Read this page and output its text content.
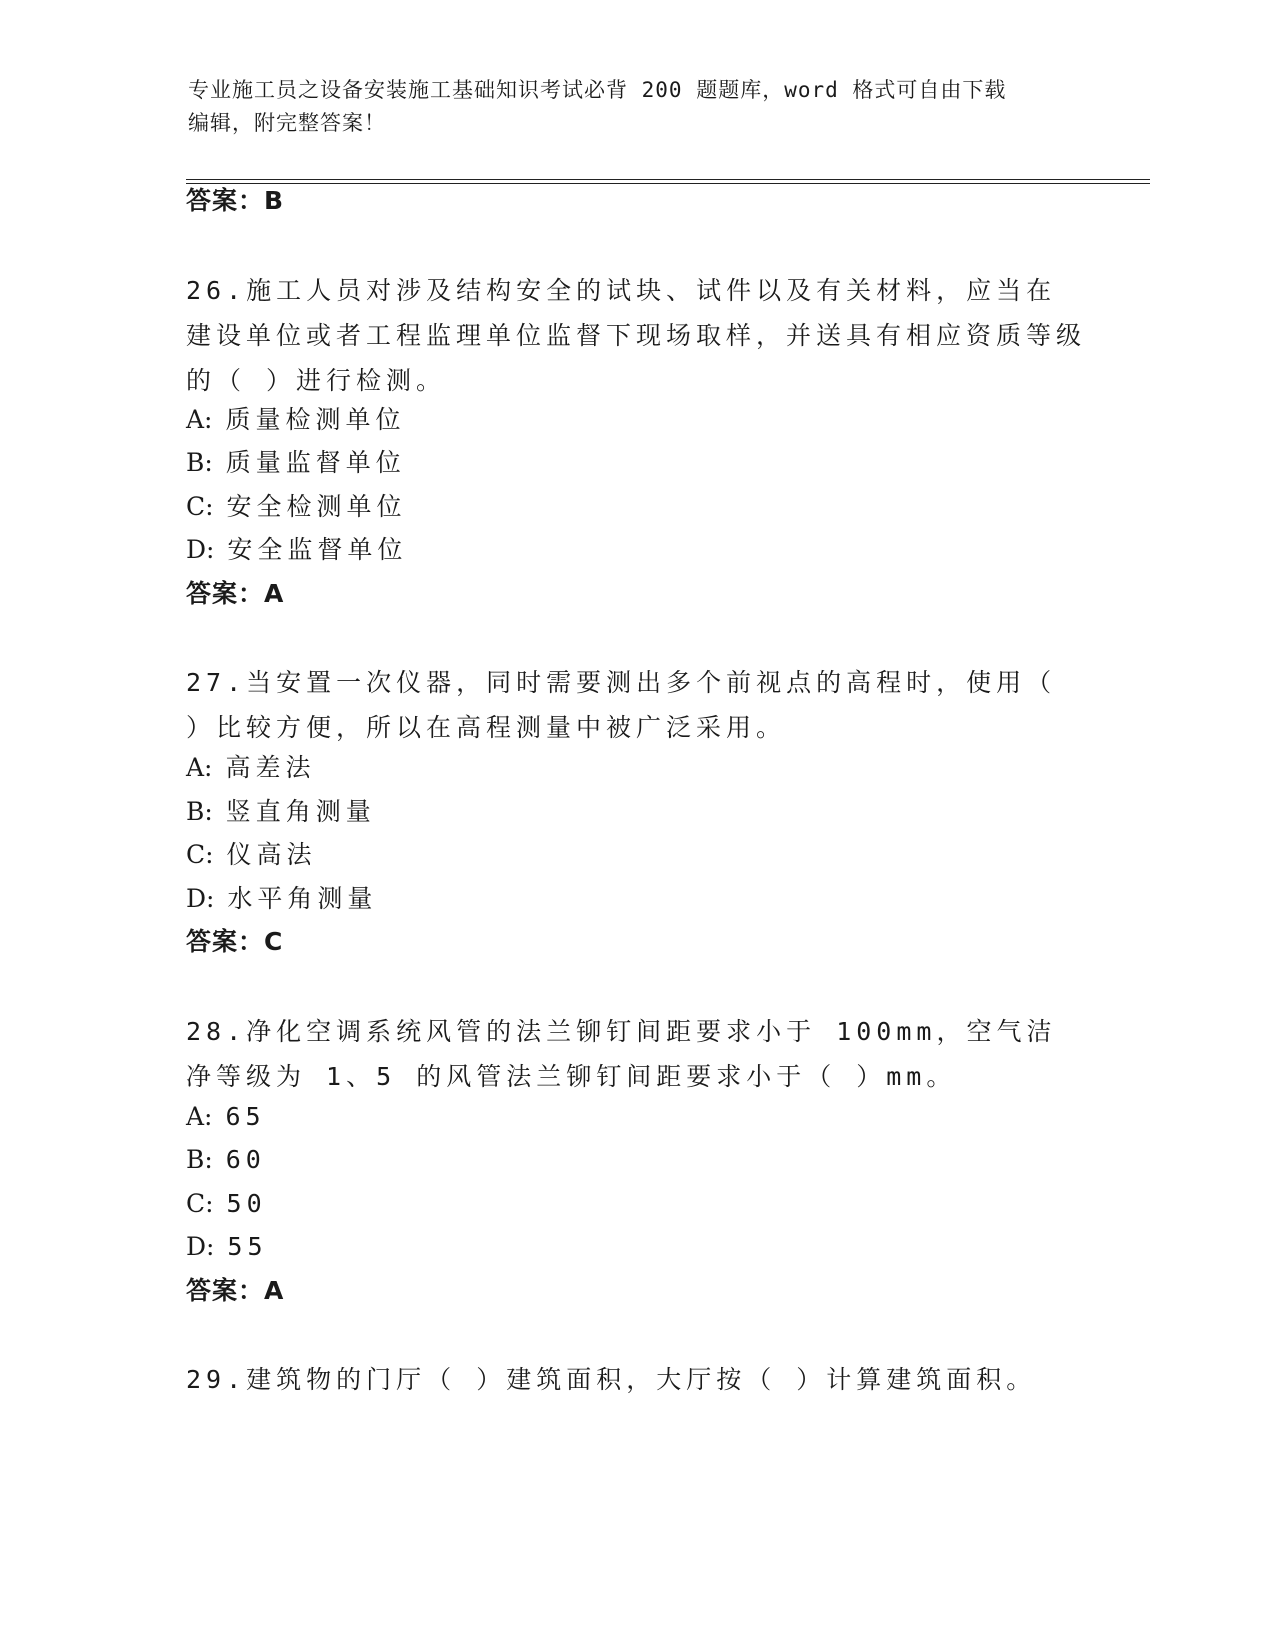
专业施工员之设备安装施工基础知识考试必背 200 题题库，word 格式可自由下载
编辑，附完整答案！
答案：B
26.施工人员对涉及结构安全的试块、试件以及有关材料，应当在建设单位或者工程监理单位监督下现场取样，并送具有相应资质等级的（ ）进行检测。
A: 质量检测单位
B: 质量监督单位
C: 安全检测单位
D: 安全监督单位
答案：A
27.当安置一次仪器，同时需要测出多个前视点的高程时，使用（ ）比较方便，所以在高程测量中被广泛采用。
A: 高差法
B: 竖直角测量
C: 仪高法
D: 水平角测量
答案：C
28.净化空调系统风管的法兰铆钉间距要求小于 100mm，空气洁净等级为 1、5 的风管法兰铆钉间距要求小于（ ）mm。
A: 65
B: 60
C: 50
D: 55
答案：A
29.建筑物的门厅（ ）建筑面积，大厅按（ ）计算建筑面积。
